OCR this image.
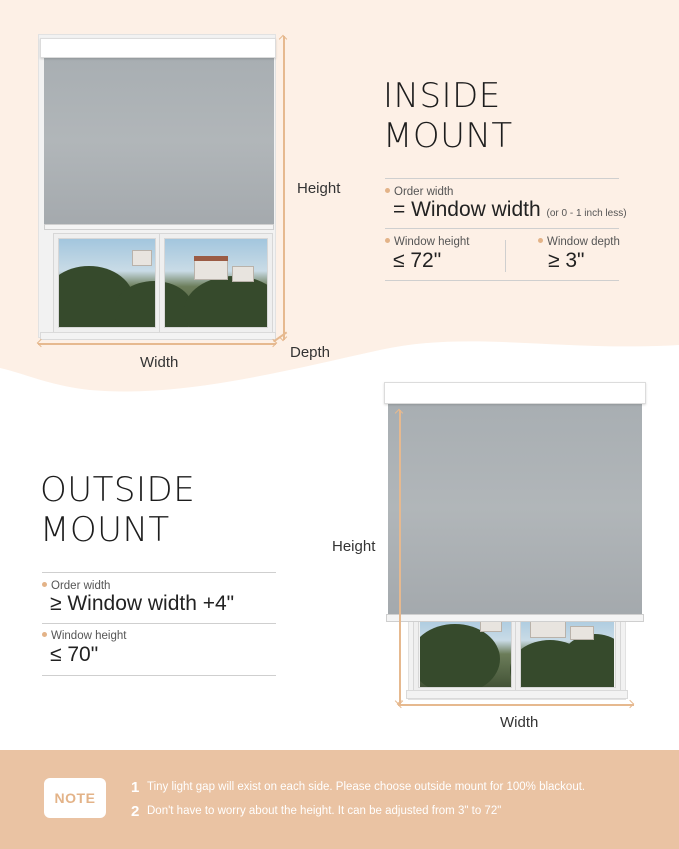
Height
Width
Depth
INSIDE
MOUNT
Order width
= Window width (or 0 - 1 inch less)
Window height
≤ 72"
Window depth
≥ 3"
Height
Width
OUTSIDE
MOUNT
Order width
≥ Window width +4"
Window height
≤ 70"
NOTE
1 Tiny light gap will exist on each side. Please choose outside mount for 100% blackout.
2 Don't have to worry about the height. It can be adjusted from 3" to 72"
